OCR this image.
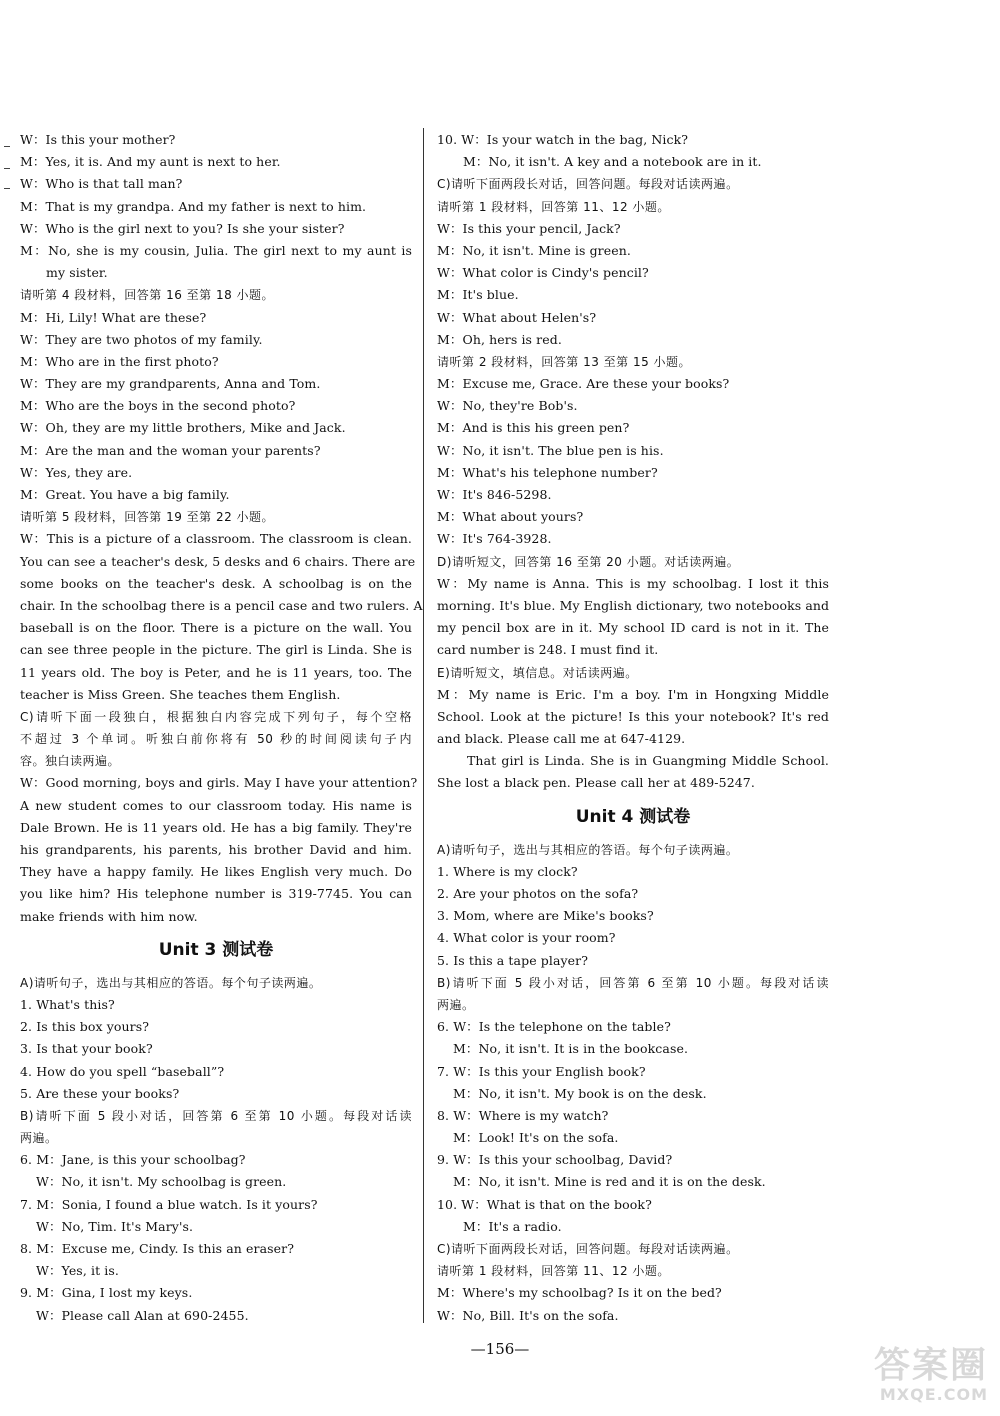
W：Is this your mother?
M：Yes, it is. And my aunt is next to her.
W：Who is that tall man?
M：That is my grandpa. And my father is next to him.
W：Who is the girl next to you? Is she your sister?
M：No, she is my cousin, Julia. The girl next to my aunt is
my sister.
请听第 4 段材料，回答第 16 至第 18 小题。
M：Hi, Lily! What are these?
W：They are two photos of my family.
M：Who are in the first photo?
W：They are my grandparents, Anna and Tom.
M：Who are the boys in the second photo?
W：Oh, they are my little brothers, Mike and Jack.
M：Are the man and the woman your parents?
W：Yes, they are.
M：Great. You have a big family.
请听第 5 段材料，回答第 19 至第 22 小题。
W：This is a picture of a classroom. The classroom is clean.
You can see a teacher's desk, 5 desks and 6 chairs. There are
some books on the teacher's desk. A schoolbag is on the
chair. In the schoolbag there is a pencil case and two rulers. A
baseball is on the floor. There is a picture on the wall. You
can see three people in the picture. The girl is Linda. She is
11 years old. The boy is Peter, and he is 11 years, too. The
teacher is Miss Green. She teaches them English.
C)请听下面一段独白，根据独白内容完成下列句子，每个空格
不超过 3 个单词。听独白前你将有 50 秒的时间阅读句子内
容。独白读两遍。
W：Good morning, boys and girls. May I have your attention?
A new student comes to our classroom today. His name is
Dale Brown. He is 11 years old. He has a big family. They're
his grandparents, his parents, his brother David and him.
They have a happy family. He likes English very much. Do
you like him? His telephone number is 319-7745. You can
make friends with him now.
Unit 3 测试卷
A)请听句子，选出与其相应的答语。每个句子读两遍。
1. What's this?
2. Is this box yours?
3. Is that your book?
4. How do you spell “baseball”?
5. Are these your books?
B)请听下面 5 段小对话，回答第 6 至第 10 小题。每段对话读
两遍。
6. M：Jane, is this your schoolbag?
W：No, it isn't. My schoolbag is green.
7. M：Sonia, I found a blue watch. Is it yours?
W：No, Tim. It's Mary's.
8. M：Excuse me, Cindy. Is this an eraser?
W：Yes, it is.
9. M：Gina, I lost my keys.
W：Please call Alan at 690-2455.
10. W：Is your watch in the bag, Nick?
M：No, it isn't. A key and a notebook are in it.
C)请听下面两段长对话，回答问题。每段对话读两遍。
请听第 1 段材料，回答第 11、12 小题。
W：Is this your pencil, Jack?
M：No, it isn't. Mine is green.
W：What color is Cindy's pencil?
M：It's blue.
W：What about Helen's?
M：Oh, hers is red.
请听第 2 段材料，回答第 13 至第 15 小题。
M：Excuse me, Grace. Are these your books?
W：No, they're Bob's.
M：And is this his green pen?
W：No, it isn't. The blue pen is his.
M：What's his telephone number?
W：It's 846-5298.
M：What about yours?
W：It's 764-3928.
D)请听短文，回答第 16 至第 20 小题。对话读两遍。
W：My name is Anna. This is my schoolbag. I lost it this
morning. It's blue. My English dictionary, two notebooks and
my pencil box are in it. My school ID card is not in it. The
card number is 248. I must find it.
E)请听短文，填信息。对话读两遍。
M：My name is Eric. I'm a boy. I'm in Hongxing Middle
School. Look at the picture! Is this your notebook? It's red
and black. Please call me at 647-4129.
That girl is Linda. She is in Guangming Middle School.
She lost a black pen. Please call her at 489-5247.
Unit 4 测试卷
A)请听句子，选出与其相应的答语。每个句子读两遍。
1. Where is my clock?
2. Are your photos on the sofa?
3. Mom, where are Mike's books?
4. What color is your room?
5. Is this a tape player?
B)请听下面 5 段小对话，回答第 6 至第 10 小题。每段对话读
两遍。
6. W：Is the telephone on the table?
M：No, it isn't. It is in the bookcase.
7. W：Is this your English book?
M：No, it isn't. My book is on the desk.
8. W：Where is my watch?
M：Look! It's on the sofa.
9. W：Is this your schoolbag, David?
M：No, it isn't. Mine is red and it is on the desk.
10. W：What is that on the book?
M：It's a radio.
C)请听下面两段长对话，回答问题。每段对话读两遍。
请听第 1 段材料，回答第 11、12 小题。
M：Where's my schoolbag? Is it on the bed?
W：No, Bill. It's on the sofa.
—156—	答案圈
MXQE.COM
